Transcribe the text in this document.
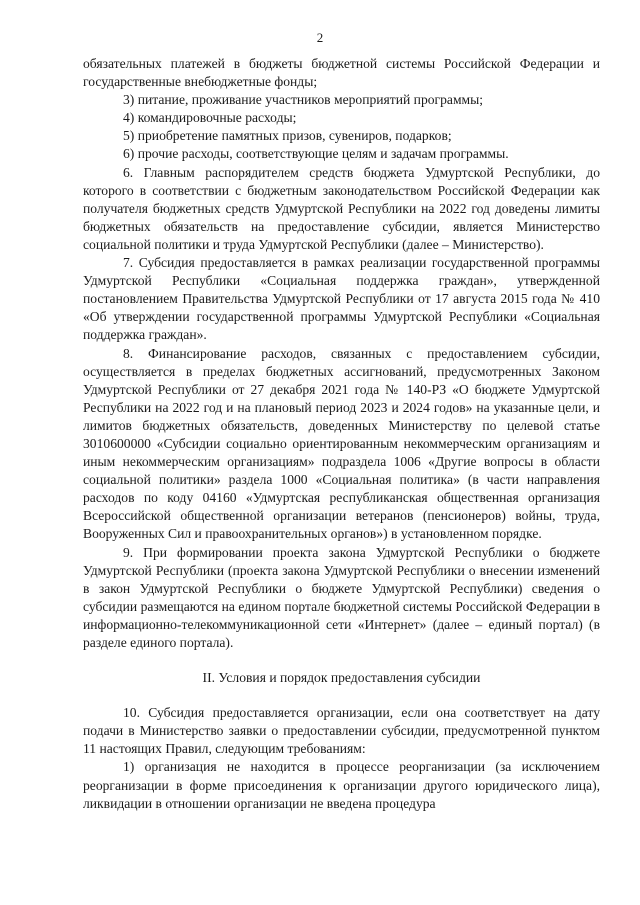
2

обязательных платежей в бюджеты бюджетной системы Российской Федерации и государственные внебюджетные фонды;

3) питание, проживание участников мероприятий программы;

4) командировочные расходы;

5) приобретение памятных призов, сувениров, подарков;

6) прочие расходы, соответствующие целям и задачам программы.

6. Главным распорядителем средств бюджета Удмуртской Республики, до которого в соответствии с бюджетным законодательством Российской Федерации как получателя бюджетных средств Удмуртской Республики на 2022 год доведены лимиты бюджетных обязательств на предоставление субсидии, является Министерство социальной политики и труда Удмуртской Республики (далее – Министерство).

7. Субсидия предоставляется в рамках реализации государственной программы Удмуртской Республики «Социальная поддержка граждан», утвержденной постановлением Правительства Удмуртской Республики от 17 августа 2015 года № 410 «Об утверждении государственной программы Удмуртской Республики «Социальная поддержка граждан».

8. Финансирование расходов, связанных с предоставлением субсидии, осуществляется в пределах бюджетных ассигнований, предусмотренных Законом Удмуртской Республики от 27 декабря 2021 года № 140-РЗ «О бюджете Удмуртской Республики на 2022 год и на плановый период 2023 и 2024 годов» на указанные цели, и лимитов бюджетных обязательств, доведенных Министерству по целевой статье 3010600000 «Субсидии социально ориентированным некоммерческим организациям и иным некоммерческим организациям» подраздела 1006 «Другие вопросы в области социальной политики» раздела 1000 «Социальная политика» (в части направления расходов по коду 04160 «Удмуртская республиканская общественная организация Всероссийской общественной организации ветеранов (пенсионеров) войны, труда, Вооруженных Сил и правоохранительных органов») в установленном порядке.

9. При формировании проекта закона Удмуртской Республики о бюджете Удмуртской Республики (проекта закона Удмуртской Республики о внесении изменений в закон Удмуртской Республики о бюджете Удмуртской Республики) сведения о субсидии размещаются на едином портале бюджетной системы Российской Федерации в информационно-телекоммуникационной сети «Интернет» (далее – единый портал) (в разделе единого портала).

II. Условия и порядок предоставления субсидии

10. Субсидия предоставляется организации, если она соответствует на дату подачи в Министерство заявки о предоставлении субсидии, предусмотренной пунктом 11 настоящих Правил, следующим требованиям:

1) организация не находится в процессе реорганизации (за исключением реорганизации в форме присоединения к организации другого юридического лица), ликвидации в отношении организации не введена процедура
